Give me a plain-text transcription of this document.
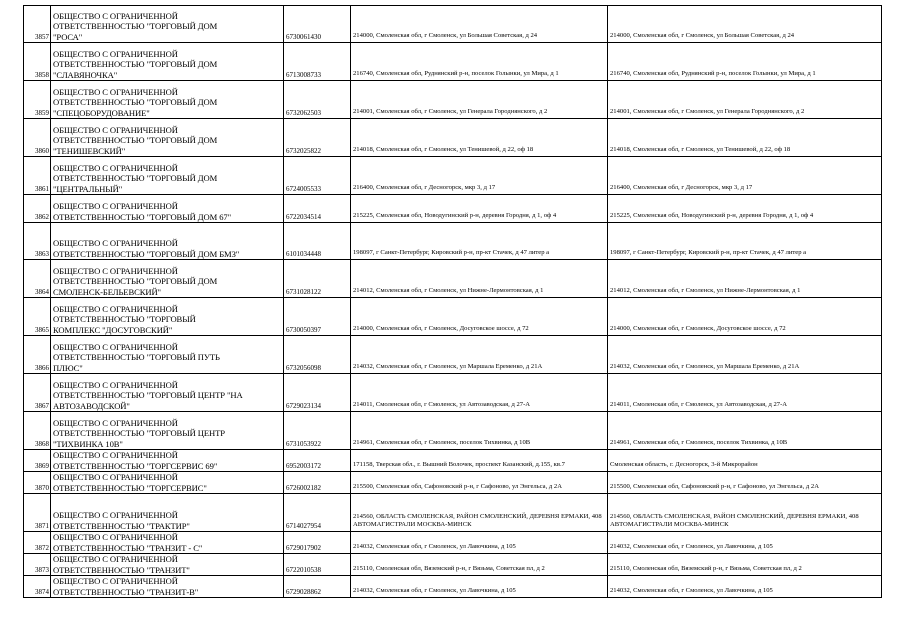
3857	ОБЩЕСТВО С ОГРАНИЧЕННОЙ
ОТВЕТСТВЕННОСТЬЮ "ТОРГОВЫЙ ДОМ
"РОСА"	6730061430	214000, Смоленская обл, г Смоленск, ул Большая Советская, д 24	214000, Смоленская обл, г Смоленск, ул Большая Советская, д 24
3858	ОБЩЕСТВО С ОГРАНИЧЕННОЙ
ОТВЕТСТВЕННОСТЬЮ "ТОРГОВЫЙ ДОМ
"СЛАВЯНОЧКА"	6713008733	216740, Смоленская обл, Руднянский р-н, поселок Голынки, ул Мира, д 1	216740, Смоленская обл, Руднянский р-н, поселок Голынки, ул Мира, д 1
3859	ОБЩЕСТВО С ОГРАНИЧЕННОЙ
ОТВЕТСТВЕННОСТЬЮ "ТОРГОВЫЙ ДОМ
"СПЕЦОБОРУДОВАНИЕ"	6732062503	214001, Смоленская обл, г Смоленск, ул Генерала Городнянского, д 2	214001, Смоленская обл, г Смоленск, ул Генерала Городнянского, д 2
3860	ОБЩЕСТВО С ОГРАНИЧЕННОЙ
ОТВЕТСТВЕННОСТЬЮ "ТОРГОВЫЙ ДОМ
"ТЕНИШЕВСКИЙ"	6732025822	214018, Смоленская обл, г Смоленск, ул Тенишевой, д 22, оф 18	214018, Смоленская обл, г Смоленск, ул Тенишевой, д 22, оф 18
3861	ОБЩЕСТВО С ОГРАНИЧЕННОЙ
ОТВЕТСТВЕННОСТЬЮ "ТОРГОВЫЙ ДОМ
"ЦЕНТРАЛЬНЫЙ"	6724005533	216400, Смоленская обл, г Десногорск, мкр 3, д 17	216400, Смоленская обл, г Десногорск, мкр 3, д 17
3862	ОБЩЕСТВО С ОГРАНИЧЕННОЙ
ОТВЕТСТВЕННОСТЬЮ "ТОРГОВЫЙ ДОМ 67"	6722034514	215225, Смоленская обл, Новодугинский р-н, деревня Городня, д 1, оф 4	215225, Смоленская обл, Новодугинский р-н, деревня Городня, д 1, оф 4
3863	ОБЩЕСТВО С ОГРАНИЧЕННОЙ
ОТВЕТСТВЕННОСТЬЮ "ТОРГОВЫЙ ДОМ БМЗ"	6101034448	198097, г Санкт-Петербург, Кировский р-н, пр-кт Стачек, д 47 литер а	198097, г Санкт-Петербург, Кировский р-н, пр-кт Стачек, д 47 литер а
3864	ОБЩЕСТВО С ОГРАНИЧЕННОЙ
ОТВЕТСТВЕННОСТЬЮ "ТОРГОВЫЙ ДОМ
СМОЛЕНСК-БЕЛЬЕВСКИЙ"	6731028122	214012, Смоленская обл, г Смоленск, ул Нижне-Лермонтовская, д 1	214012, Смоленская обл, г Смоленск, ул Нижне-Лермонтовская, д 1
3865	ОБЩЕСТВО С ОГРАНИЧЕННОЙ
ОТВЕТСТВЕННОСТЬЮ "ТОРГОВЫЙ
КОМПЛЕКС "ДОСУГОВСКИЙ"	6730050397	214000, Смоленская обл, г Смоленск, Досуговское шоссе, д 72	214000, Смоленская обл, г Смоленск, Досуговское шоссе, д 72
3866	ОБЩЕСТВО С ОГРАНИЧЕННОЙ
ОТВЕТСТВЕННОСТЬЮ "ТОРГОВЫЙ ПУТЬ
ПЛЮС"	6732056098	214032, Смоленская обл, г Смоленск, ул Маршала Еременко, д 21А	214032, Смоленская обл, г Смоленск, ул Маршала Еременко, д 21А
3867	ОБЩЕСТВО С ОГРАНИЧЕННОЙ
ОТВЕТСТВЕННОСТЬЮ "ТОРГОВЫЙ ЦЕНТР "НА
АВТОЗАВОДСКОЙ"	6729023134	214011, Смоленская обл, г Смоленск, ул Автозаводская, д 27-А	214011, Смоленская обл, г Смоленск, ул Автозаводская, д 27-А
3868	ОБЩЕСТВО С ОГРАНИЧЕННОЙ
ОТВЕТСТВЕННОСТЬЮ "ТОРГОВЫЙ ЦЕНТР
"ТИХВИНКА 10В"	6731053922	214961, Смоленская обл, г Смоленск, поселок Тихвинка, д 10В	214961, Смоленская обл, г Смоленск, поселок Тихвинка, д 10В
3869	ОБЩЕСТВО С ОГРАНИЧЕННОЙ
ОТВЕТСТВЕННОСТЬЮ "ТОРГСЕРВИС 69"	6952003172	171158, Тверская обл., г. Вышний Волочек, проспект Казанский, д.155, кв.7	Смоленская область, г. Десногорск, 3-й Микрорайон
3870	ОБЩЕСТВО С ОГРАНИЧЕННОЙ
ОТВЕТСТВЕННОСТЬЮ "ТОРГСЕРВИС"	6726002182	215500, Смоленская обл, Сафоновский р-н, г Сафоново, ул Энгельса, д 2А	215500, Смоленская обл, Сафоновский р-н, г Сафоново, ул Энгельса, д 2А
3871	ОБЩЕСТВО С ОГРАНИЧЕННОЙ
ОТВЕТСТВЕННОСТЬЮ "ТРАКТИР"	6714027954	214560, ОБЛАСТЬ СМОЛЕНСКАЯ, РАЙОН СМОЛЕНСКИЙ, ДЕРЕВНЯ ЕРМАКИ, 408 АВТОМАГИСТРАЛИ МОСКВА-МИНСК	214560, ОБЛАСТЬ СМОЛЕНСКАЯ, РАЙОН СМОЛЕНСКИЙ, ДЕРЕВНЯ ЕРМАКИ, 408 АВТОМАГИСТРАЛИ МОСКВА-МИНСК
3872	ОБЩЕСТВО С ОГРАНИЧЕННОЙ
ОТВЕТСТВЕННОСТЬЮ "ТРАНЗИТ - С"	6729017902	214032, Смоленская обл, г Смоленск, ул Лавочкина, д 105	214032, Смоленская обл, г Смоленск, ул Лавочкина, д 105
3873	ОБЩЕСТВО С ОГРАНИЧЕННОЙ
ОТВЕТСТВЕННОСТЬЮ "ТРАНЗИТ"	6722010538	215110, Смоленская обл, Вяземский р-н, г Вязьма, Советская пл, д 2	215110, Смоленская обл, Вяземский р-н, г Вязьма, Советская пл, д 2
3874	ОБЩЕСТВО С ОГРАНИЧЕННОЙ
ОТВЕТСТВЕННОСТЬЮ "ТРАНЗИТ-В"	6729028862	214032, Смоленская обл, г Смоленск, ул Лавочкина, д 105	214032, Смоленская обл, г Смоленск, ул Лавочкина, д 105
